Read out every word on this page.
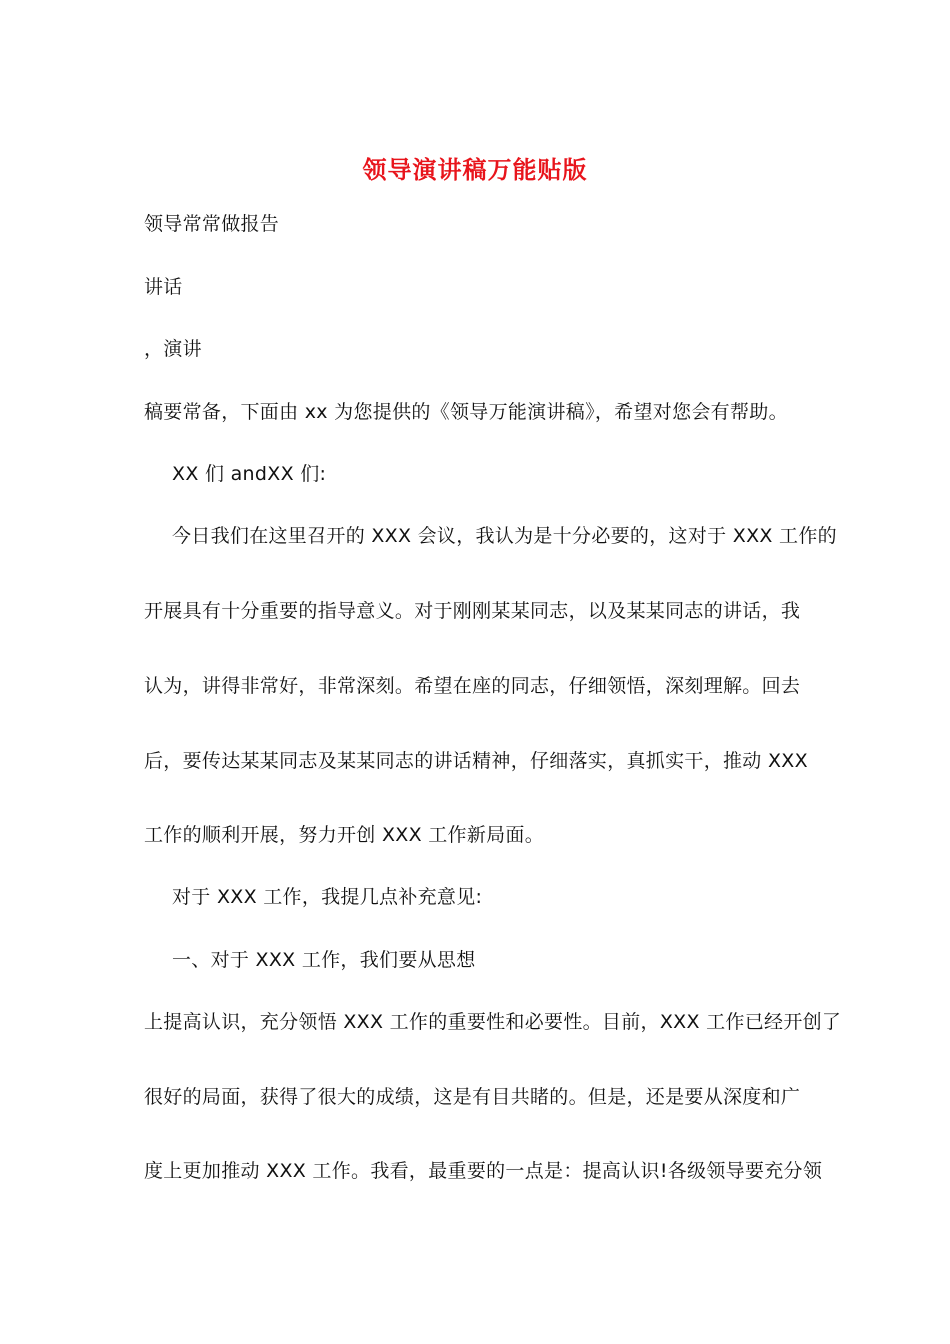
领导演讲稿万能贴版
领导常常做报告
讲话
，演讲
稿要常备，下面由 xx 为您提供的《领导万能演讲稿》，希望对您会有帮助。
XX 们 andXX 们:
今日我们在这里召开的 XXX 会议，我认为是十分必要的，这对于 XXX 工作的
开展具有十分重要的指导意义。对于刚刚某某同志，以及某某同志的讲话，我
认为，讲得非常好，非常深刻。希望在座的同志，仔细领悟，深刻理解。回去
后，要传达某某同志及某某同志的讲话精神，仔细落实，真抓实干，推动 XXX
工作的顺利开展，努力开创 XXX 工作新局面。
对于 XXX 工作，我提几点补充意见:
一、对于 XXX 工作，我们要从思想
上提高认识，充分领悟 XXX 工作的重要性和必要性。目前，XXX 工作已经开创了
很好的局面，获得了很大的成绩，这是有目共睹的。但是，还是要从深度和广
度上更加推动 XXX 工作。我看，最重要的一点是：提高认识!各级领导要充分领
